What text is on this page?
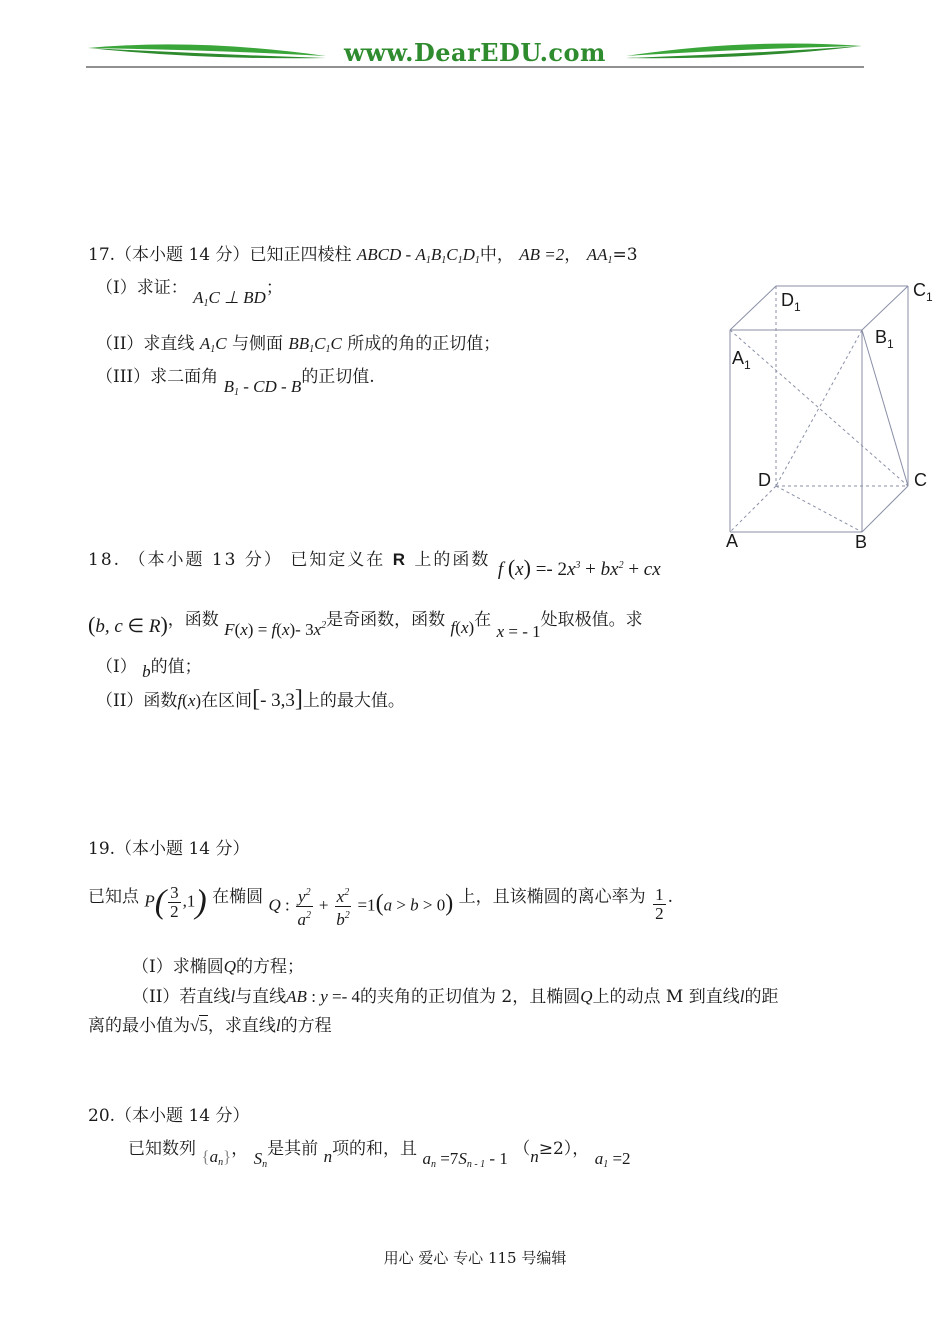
www.DearEDU.com
17.（本小题 14 分）已知正四棱柱 ABCD - $A_1B_1C_1D_1$中， AB =2， $AA_1=3$
（I）求证： $A_1C$ ⊥ BD；
（II）求直线 $A_1C$ 与侧面 $BB_1C_1C$ 所成的角的正切值；
（III）求二面角 $B_1$ - CD - B的正切值.
$D_1$
$C_1$
$B_1$
$A_1$
D	C
A	B
18. （本小题 13 分） 已知定义在 R 上的函数 f $(x) =- 2x^3 + bx^2$ + cx
(b, c ∈ R)，函数 F(x) = f(x)- $3x^2$是奇函数，函数 f(x)在 x = - 1处取极值。求
（I） b的值；
（II）函数f(x)在区间[- 3,3]上的最大值。
19.（本小题 14 分）
已知点 $P( \frac{3}{2} ,1)$ 在椭圆 Q : $\frac{y^2}{a^2} + \frac{x^2}{b^2} =1(a > b > 0)$ 上，且该椭圆的离心率为 $\frac{1}{2}$ .
（I）求椭圆Q的方程；
（II）若直线l与直线AB : y =- 4的夹角的正切值为 2，且椭圆Q上的动点 M 到直线l的距
离的最小值为√5，求直线l的方程
20.（本小题 14 分）
已知数列 $\{a_n\}$， $S_n$是其前 n项的和，且 $a_n =7S_{n - 1} - 1$ （n≥2）， $a_1 =2$
用心 爱心 专心 115 号编辑
